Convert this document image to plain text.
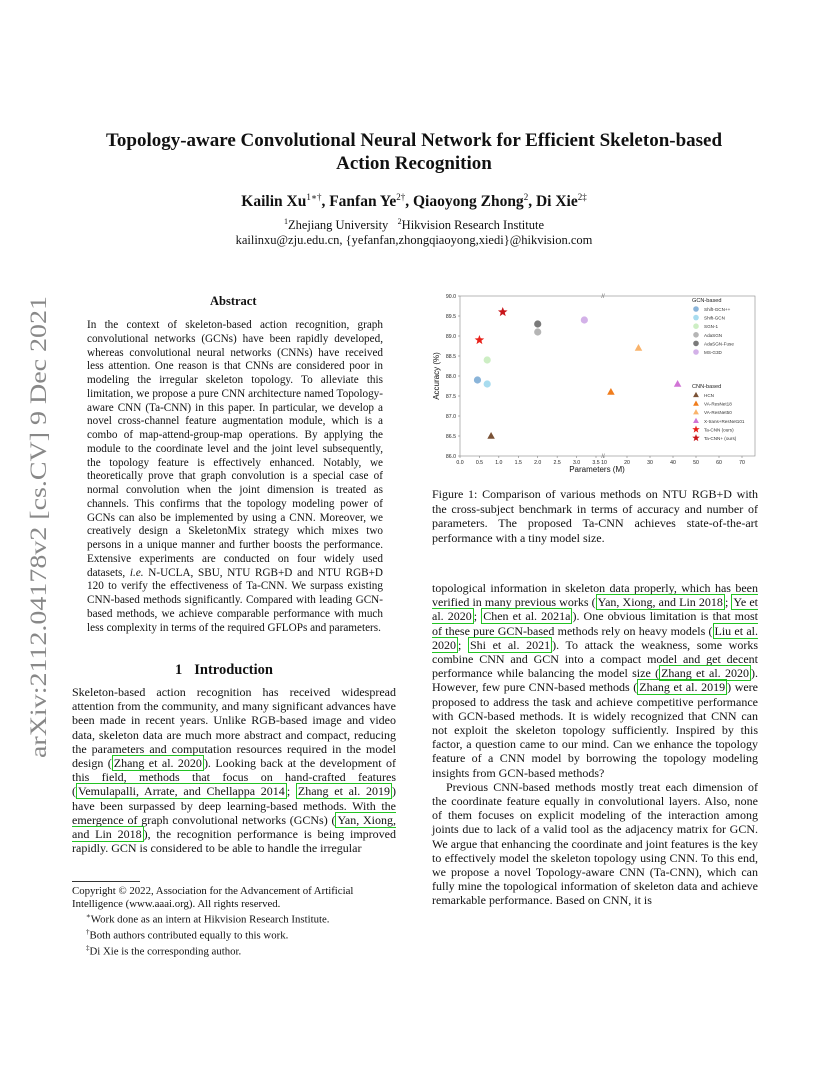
arXiv:2112.04178v2 [cs.CV] 9 Dec 2021
Topology-aware Convolutional Neural Network for Efficient Skeleton-based
Action Recognition
Kailin $Xu^{1∗\dagger}$, Fanfan $Ye^{2\dagger}$, Qiaoyong Zhong$^2$, Di Xie$^{2\ddagger}$
$^1$Zhejiang University $^2$Hikvision Research Institute
kailinxu@zju.edu.cn, {yefanfan,zhongqiaoyong,xiedi}@hikvision.com
Abstract
In the context of skeleton-based action recognition, graph convolutional networks (GCNs) have been rapidly developed, whereas convolutional neural networks (CNNs) have received less attention. One reason is that CNNs are considered poor in modeling the irregular skeleton topology. To alleviate this limitation, we propose a pure CNN architecture named Topology-aware CNN (Ta-CNN) in this paper. In particular, we develop a novel cross-channel feature augmentation module, which is a combo of map-attend-group-map operations. By applying the module to the coordinate level and the joint level subsequently, the topology feature is effectively enhanced. Notably, we theoretically prove that graph convolution is a special case of normal convolution when the joint dimension is treated as channels. This confirms that the topology modeling power of GCNs can also be implemented by using a CNN. Moreover, we creatively design a SkeletonMix strategy which mixes two persons in a unique manner and further boosts the performance. Extensive experiments are conducted on four widely used datasets, i.e. N-UCLA, SBU, NTU RGB+D and NTU RGB+D 120 to verify the effectiveness of Ta-CNN. We surpass existing CNN-based methods significantly. Compared with leading GCN-based methods, we achieve comparable performance with much less complexity in terms of the required GFLOPs and parameters.
1 Introduction
Skeleton-based action recognition has received widespread attention from the community, and many significant advances have been made in recent years. Unlike RGB-based image and video data, skeleton data are much more abstract and compact, reducing the parameters and computation resources required in the model design ( Zhang et al. 2020 ). Looking back at the development of this field, methods that focus on hand-crafted features ( Vemulapalli, Arrate, and Chellappa 2014 ; Zhang et al. 2019 ) have been surpassed by deep learning-based methods. With the emergence of graph convolutional networks (GCNs) ( Yan, Xiong, and Lin 2018 ), the recognition performance is being improved rapidly. GCN is considered to be able to handle the irregular

Copyright © 2022, Association for the Advancement of Artificial Intelligence (www.aaai.org). All rights reserved.

∗Work done as an intern at Hikvision Research Institute.

†Both authors contributed equally to this work.

‡Di Xie is the corresponding author.

86.0
86.5
87.0
87.5
88.0
88.5
89.0
89.5
90.0
0.0 0.5 1.0 1.5 2.0 2.5 3.0 3.5 10	20	30	40	50	60	70
//
//
Parameters (M)
Accuracy (%)
GCN-based
Shift-GCN++
Shift-GCN
SGN-1
AdaSGN
AdaSGN-Fuse
MS-G3D
CNN-based
HCN
VA-ResNet18
VA-ResNet50
X-trans+ResNet101
Ta-CNN (ours)
Ta-CNN+ (ours)
Figure 1: Comparison of various methods on NTU RGB+D with the cross-subject benchmark in terms of accuracy and number of parameters. The proposed Ta-CNN achieves state-of-the-art performance with a tiny model size.

topological information in skeleton data properly, which has been verified in many previous works ( Yan, Xiong, and Lin 2018 ; Ye et al. 2020 ; Chen et al. 2021a ). One obvious limitation is that most of these pure GCN-based methods rely on heavy models ( Liu et al. 2020 ; Shi et al. 2021 ). To attack the weakness, some works combine CNN and GCN into a compact model and get decent performance while balancing the model size ( Zhang et al. 2020 ). However, few pure CNN-based methods ( Zhang et al. 2019 ) were proposed to address the task and achieve competitive performance with GCN-based methods. It is widely recognized that CNN can not exploit the skeleton topology sufficiently. Inspired by this factor, a question came to our mind. Can we enhance the topology feature of a CNN model by borrowing the topology modeling insights from GCN-based methods?

Previous CNN-based methods mostly treat each dimension of the coordinate feature equally in convolutional layers. Also, none of them focuses on explicit modeling of the interaction among joints due to lack of a valid tool as the adjacency matrix for GCN. We argue that enhancing the coordinate and joint features is the key to effectively model the skeleton topology using CNN. To this end, we propose a novel Topology-aware CNN (Ta-CNN), which can fully mine the topological information of skeleton data and achieve remarkable performance. Based on CNN, it is
